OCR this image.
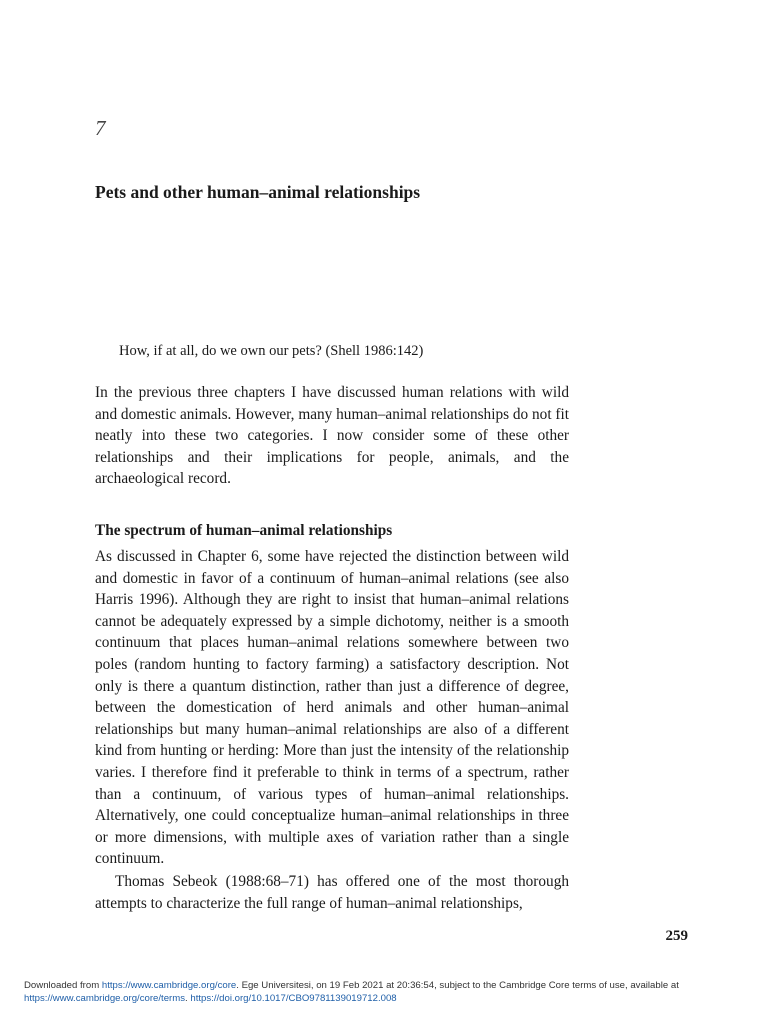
7
Pets and other human–animal relationships

How, if at all, do we own our pets? (Shell 1986:142)

In the previous three chapters I have discussed human relations with wild and domestic animals. However, many human–animal relationships do not fit neatly into these two categories. I now consider some of these other relationships and their implications for people, animals, and the archaeological record.

The spectrum of human–animal relationships

As discussed in Chapter 6, some have rejected the distinction between wild and domestic in favor of a continuum of human–animal relations (see also Harris 1996). Although they are right to insist that human–animal relations cannot be adequately expressed by a simple dichotomy, neither is a smooth continuum that places human–animal relations somewhere between two poles (random hunting to factory farming) a satisfactory description. Not only is there a quantum distinction, rather than just a difference of degree, between the domestication of herd animals and other human–animal relationships but many human–animal relationships are also of a different kind from hunting or herding: More than just the intensity of the relationship varies. I therefore find it preferable to think in terms of a spectrum, rather than a continuum, of various types of human–animal relationships. Alternatively, one could conceptualize human–animal relationships in three or more dimensions, with multiple axes of variation rather than a single continuum.

Thomas Sebeok (1988:68–71) has offered one of the most thorough attempts to characterize the full range of human–animal relationships,

259
Downloaded from https://www.cambridge.org/core. Ege Universitesi, on 19 Feb 2021 at 20:36:54, subject to the Cambridge Core terms of use, available at https://www.cambridge.org/core/terms. https://doi.org/10.1017/CBO9781139019712.008
